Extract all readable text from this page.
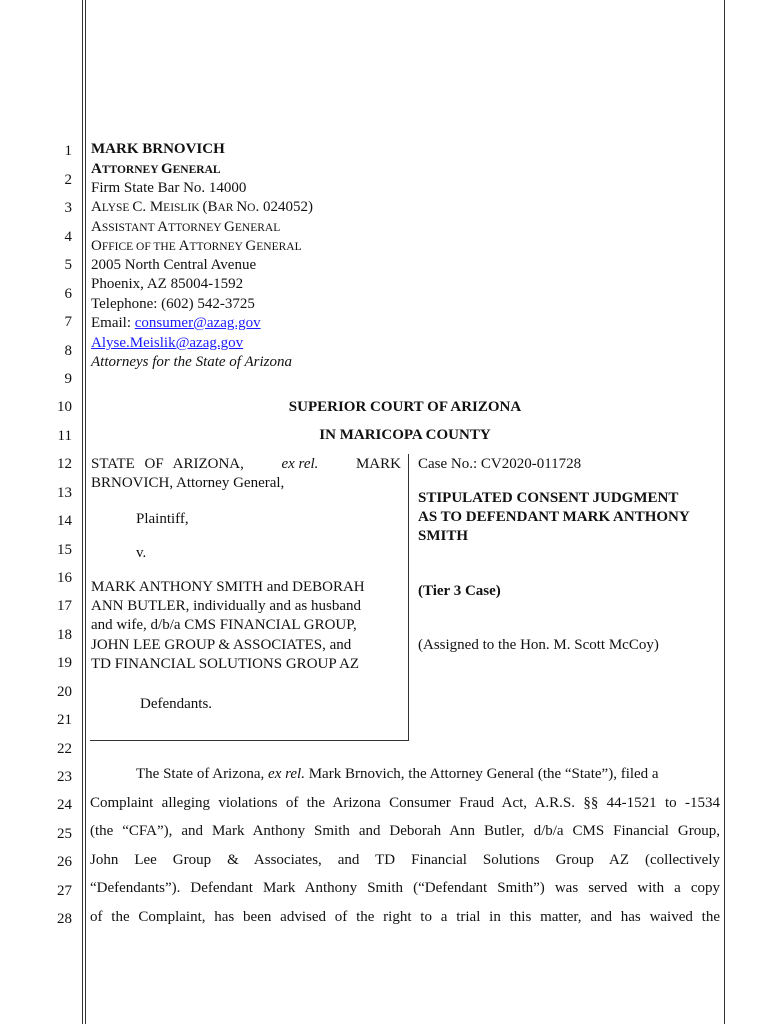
1
2
3
4
5
6
7
8
9
10
11
12
13
14
15
16
17
18
19
20
21
22
23
24
25
26
27
28
MARK BRNOVICH
ATTORNEY GENERAL
Firm State Bar No. 14000
ALYSE C. MEISLIK (BAR NO. 024052)
ASSISTANT ATTORNEY GENERAL
OFFICE OF THE ATTORNEY GENERAL
2005 North Central Avenue
Phoenix, AZ 85004-1592
Telephone: (602) 542-3725
Email: consumer@azag.gov
Alyse.Meislik@azag.gov
Attorneys for the State of Arizona
SUPERIOR COURT OF ARIZONA
IN MARICOPA COUNTY
STATE OF ARIZONA,	ex rel.	MARK
BRNOVICH, Attorney General,
Plaintiff,
v.
MARK ANTHONY SMITH and DEBORAH
ANN BUTLER, individually and as husband
and wife, d/b/a CMS FINANCIAL GROUP,
JOHN LEE GROUP & ASSOCIATES, and
TD FINANCIAL SOLUTIONS GROUP AZ
Defendants.
Case No.: CV2020-011728
STIPULATED CONSENT JUDGMENT
AS TO DEFENDANT MARK ANTHONY
SMITH
(Tier 3 Case)
(Assigned to the Hon. M. Scott McCoy)
The State of Arizona, ex rel. Mark Brnovich, the Attorney General (the “State”), filed a
Complaint alleging violations of the Arizona Consumer Fraud Act, A.R.S. §§ 44-1521 to -1534
(the “CFA”), and Mark Anthony Smith and Deborah Ann Butler, d/b/a CMS Financial Group,
John Lee Group & Associates, and TD Financial Solutions Group AZ (collectively
“Defendants”). Defendant Mark Anthony Smith (“Defendant Smith”) was served with a copy
of the Complaint, has been advised of the right to a trial in this matter, and has waived the
